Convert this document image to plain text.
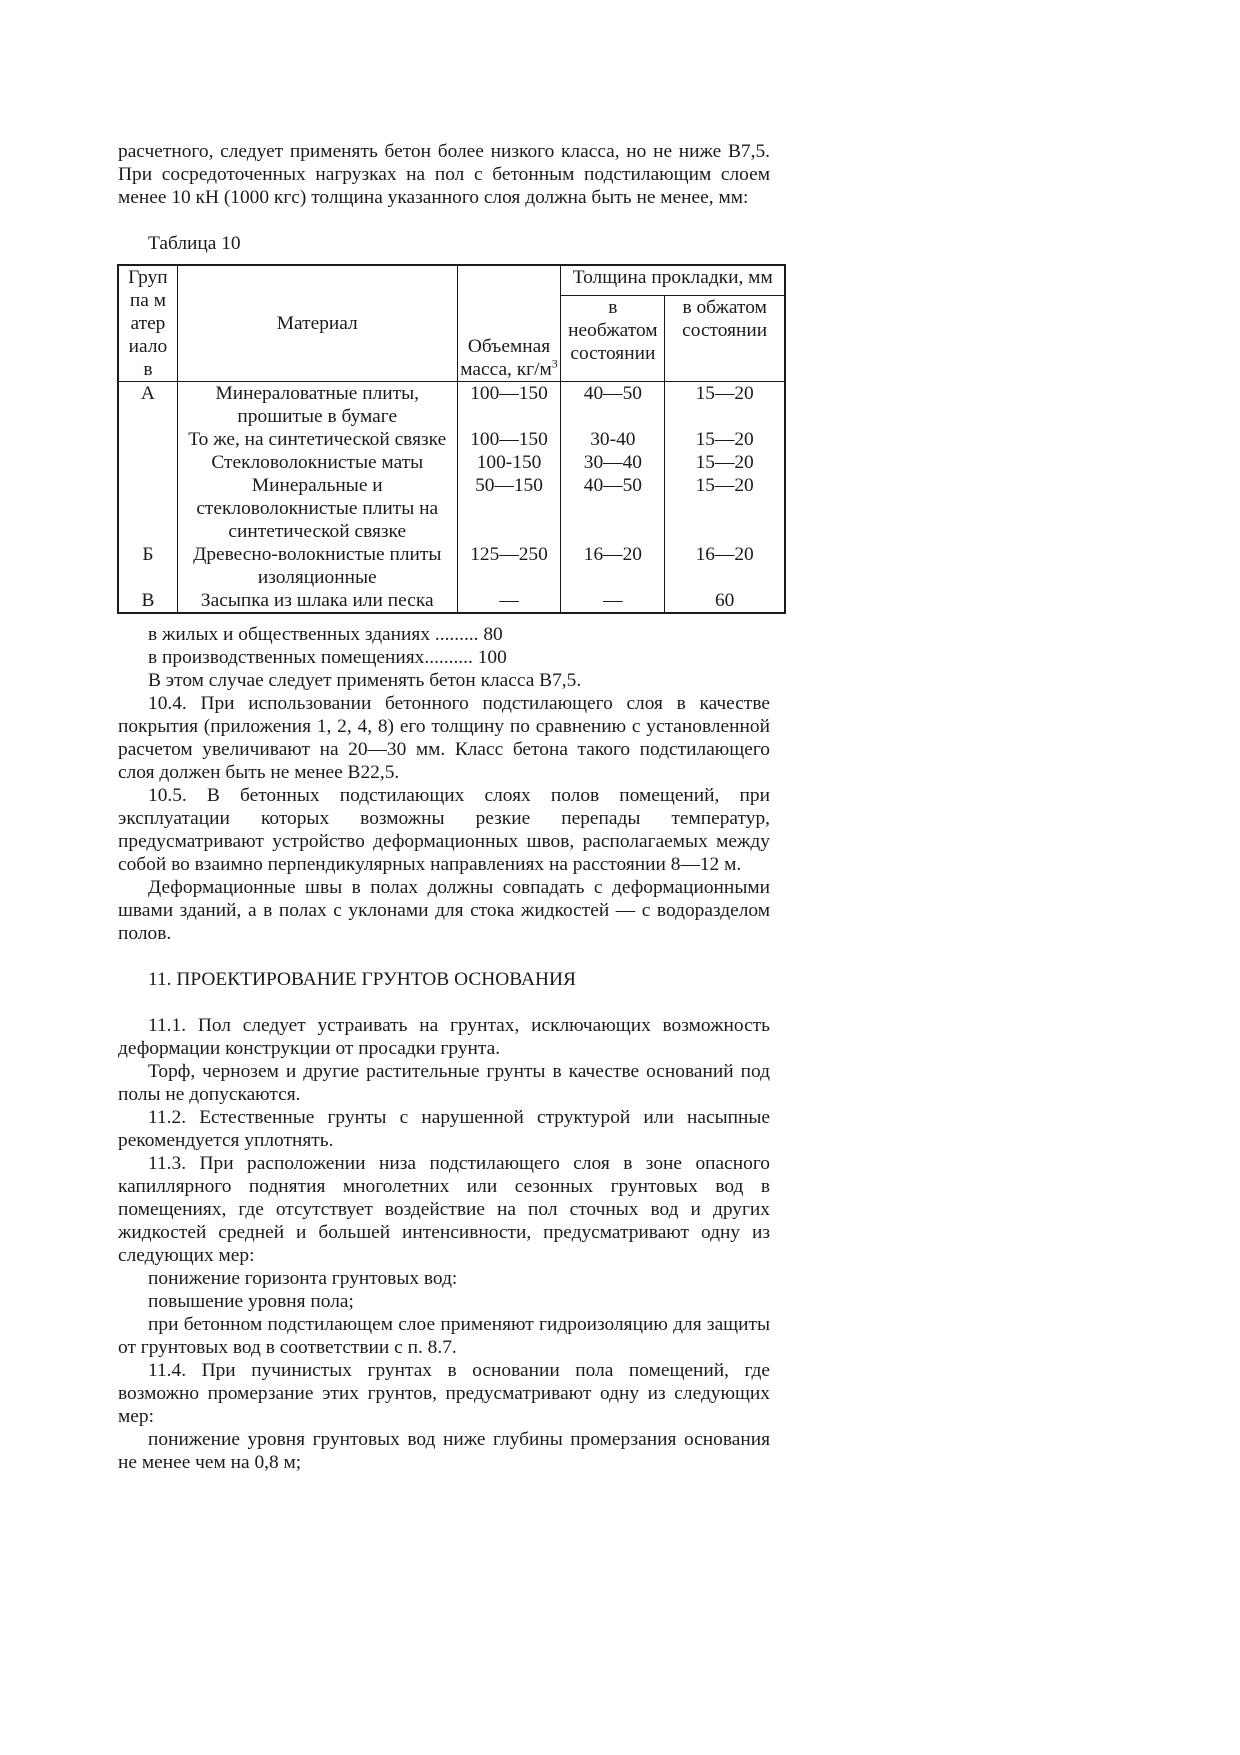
расчетного, следует применять бетон более низкого класса, но не ниже В7,5. При сосредоточенных нагрузках на пол с бетонным подстилающим слоем менее 10 кН (1000 кгс) толщина указанного слоя должна быть не менее, мм:

Таблица 10

Группа материалов	Материал	Объемная масса, $кг/м^3$	Толщина прокладки, мм	
			в необжатом состоянии	в обжатом состоянии
А	Минераловатные плиты, прошитые в бумаге	100—150	40—50	15—20
	То же, на синтетической связке	100—150	30-40	15—20
	Стекловолокнистые маты	100-150	30—40	15—20
	Минеральные и стекловолокнистые плиты на синтетической связке	50—150	40—50	15—20
Б	Древесно-волокнистые плиты изоляционные	125—250	16—20	16—20
В	Засыпка из шлака или песка	—	—	60

в жилых и общественных зданиях ......... 80

в производственных помещениях.......... 100

В этом случае следует применять бетон класса В7,5.

10.4. При использовании бетонного подстилающего слоя в качестве покрытия (приложения 1, 2, 4, 8) его толщину по сравнению с установленной расчетом увеличивают на 20—30 мм. Класс бетона такого подстилающего слоя должен быть не менее В22,5.

10.5. В бетонных подстилающих слоях полов помещений, при эксплуатации которых возможны резкие перепады температур, предусматривают устройство деформационных швов, располагаемых между собой во взаимно перпендикулярных направлениях на расстоянии 8—12 м.

Деформационные швы в полах должны совпадать с деформационными швами зданий, а в полах с уклонами для стока жидкостей — с водоразделом полов.

11. ПРОЕКТИРОВАНИЕ ГРУНТОВ ОСНОВАНИЯ

11.1. Пол следует устраивать на грунтах, исключающих возможность деформации конструкции от просадки грунта.

Торф, чернозем и другие растительные грунты в качестве оснований под полы не допускаются.

11.2. Естественные грунты с нарушенной структурой или насыпные рекомендуется уплотнять.

11.3. При расположении низа подстилающего слоя в зоне опасного капиллярного поднятия многолетних или сезонных грунтовых вод в помещениях, где отсутствует воздействие на пол сточных вод и других жидкостей средней и большей интенсивности, предусматривают одну из следующих мер:

понижение горизонта грунтовых вод:

повышение уровня пола;

при бетонном подстилающем слое применяют гидроизоляцию для защиты от грунтовых вод в соответствии с п. 8.7.

11.4. При пучинистых грунтах в основании пола помещений, где возможно промерзание этих грунтов, предусматривают одну из следующих мер:

понижение уровня грунтовых вод ниже глубины промерзания основания не менее чем на 0,8 м;
